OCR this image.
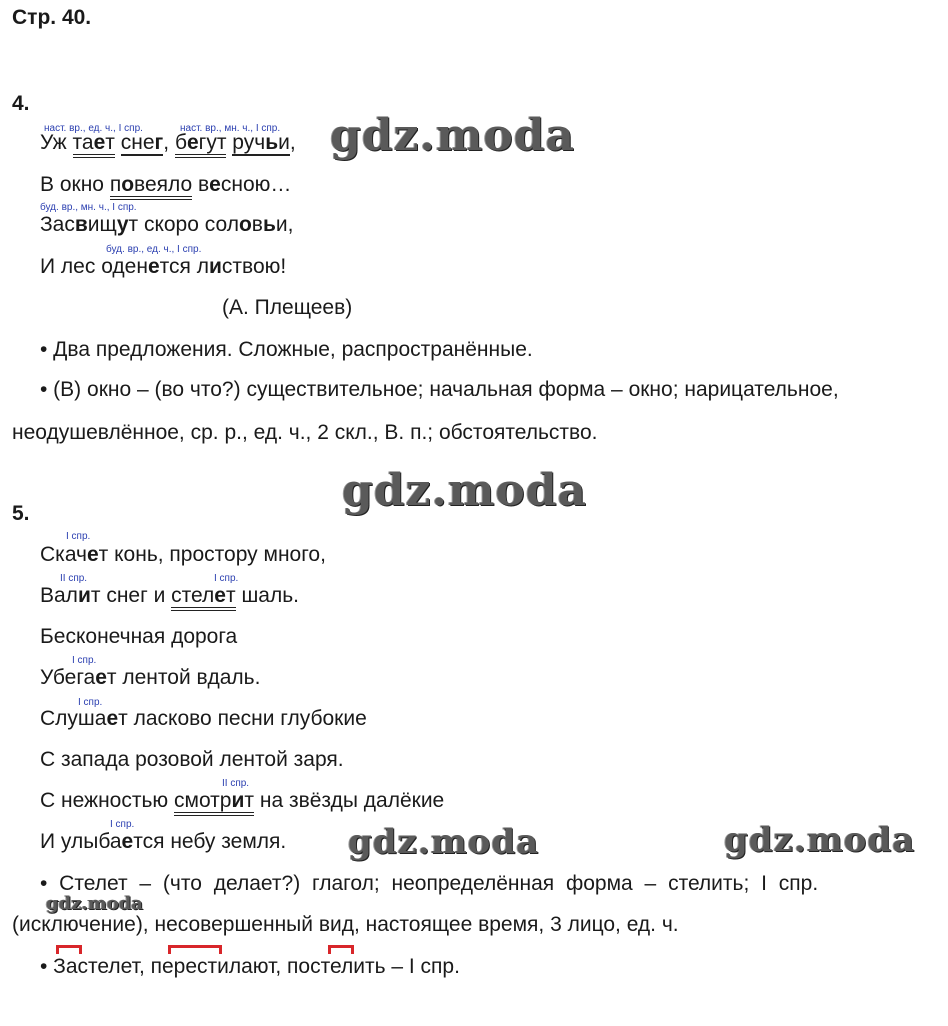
Стр. 40.
4.
наст. вр., ед. ч., I спр.	наст. вр., мн. ч., I спр.
Уж тает снег, бегут ручьи,
В окно повеяло весною…
буд. вр., мн. ч., I спр.
Засвищут скоро соловьи,
буд. вр., ед. ч., I спр.
И лес оденется листвою!
(А. Плещеев)
• Два предложения. Сложные, распространённые.
• (В) окно – (во что?) существительное; начальная форма – окно; нарицательное,
неодушевлённое, ср. р., ед. ч., 2 скл., В. п.; обстоятельство.
5.
I спр.
Скачет конь, простору много,
II спр.	I спр.
Валит снег и стелет шаль.
Бесконечная дорога
I спр.
Убегает лентой вдаль.
I спр.
Слушает ласково песни глубокие
С запада розовой лентой заря.
II спр.
С нежностью смотрит на звёзды далёкие
I спр.
И улыбается небу земля.
• Стелет – (что делает?) глагол; неопределённая форма – стелить; I спр.
(исключение), несовершенный вид, настоящее время, 3 лицо, ед. ч.
• Застелет, перестилают, постелить – I спр.
gdz.moda
gdz.moda
gdz.moda	gdz.moda
gdz.moda
